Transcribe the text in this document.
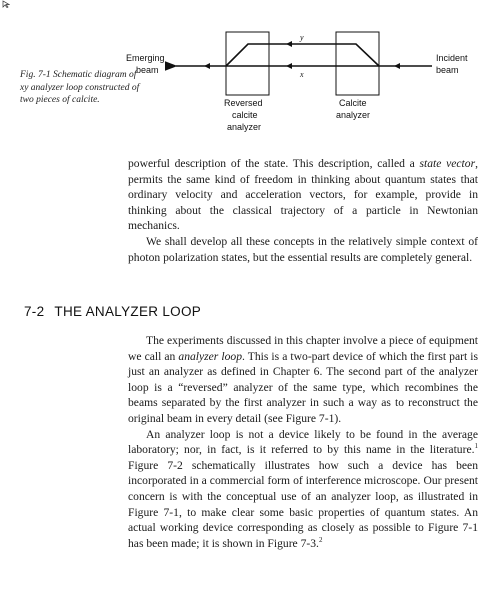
Emerging
beam
Incident
beam
Reversed
calcite
analyzer
Calcite
analyzer
y
x
Fig. 7-1 Schematic diagram of xy analyzer loop constructed of two pieces of calcite.

powerful description of the state. This description, called a state vector, permits the same kind of freedom in thinking about quantum states that ordinary velocity and acceleration vectors, for example, provide in thinking about the classical trajectory of a particle in Newtonian mechanics.

We shall develop all these concepts in the relatively simple context of photon polarization states, but the essential results are completely general.

7-2 THE ANALYZER LOOP

The experiments discussed in this chapter involve a piece of equipment we call an analyzer loop. This is a two-part device of which the first part is just an analyzer as defined in Chapter 6. The second part of the analyzer loop is a “reversed” analyzer of the same type, which recombines the beams separated by the first analyzer in such a way as to reconstruct the original beam in every detail (see Figure 7-1).

An analyzer loop is not a device likely to be found in the average laboratory; nor, in fact, is it referred to by this name in the literature.$^1$ Figure 7-2 schematically illustrates how such a device has been incorporated in a commercial form of interference microscope. Our present concern is with the conceptual use of an analyzer loop, as illustrated in Figure 7-1, to make clear some basic properties of quantum states. An actual working device corresponding as closely as possible to Figure 7-1 has been made; it is shown in Figure 7-3.$^2$
